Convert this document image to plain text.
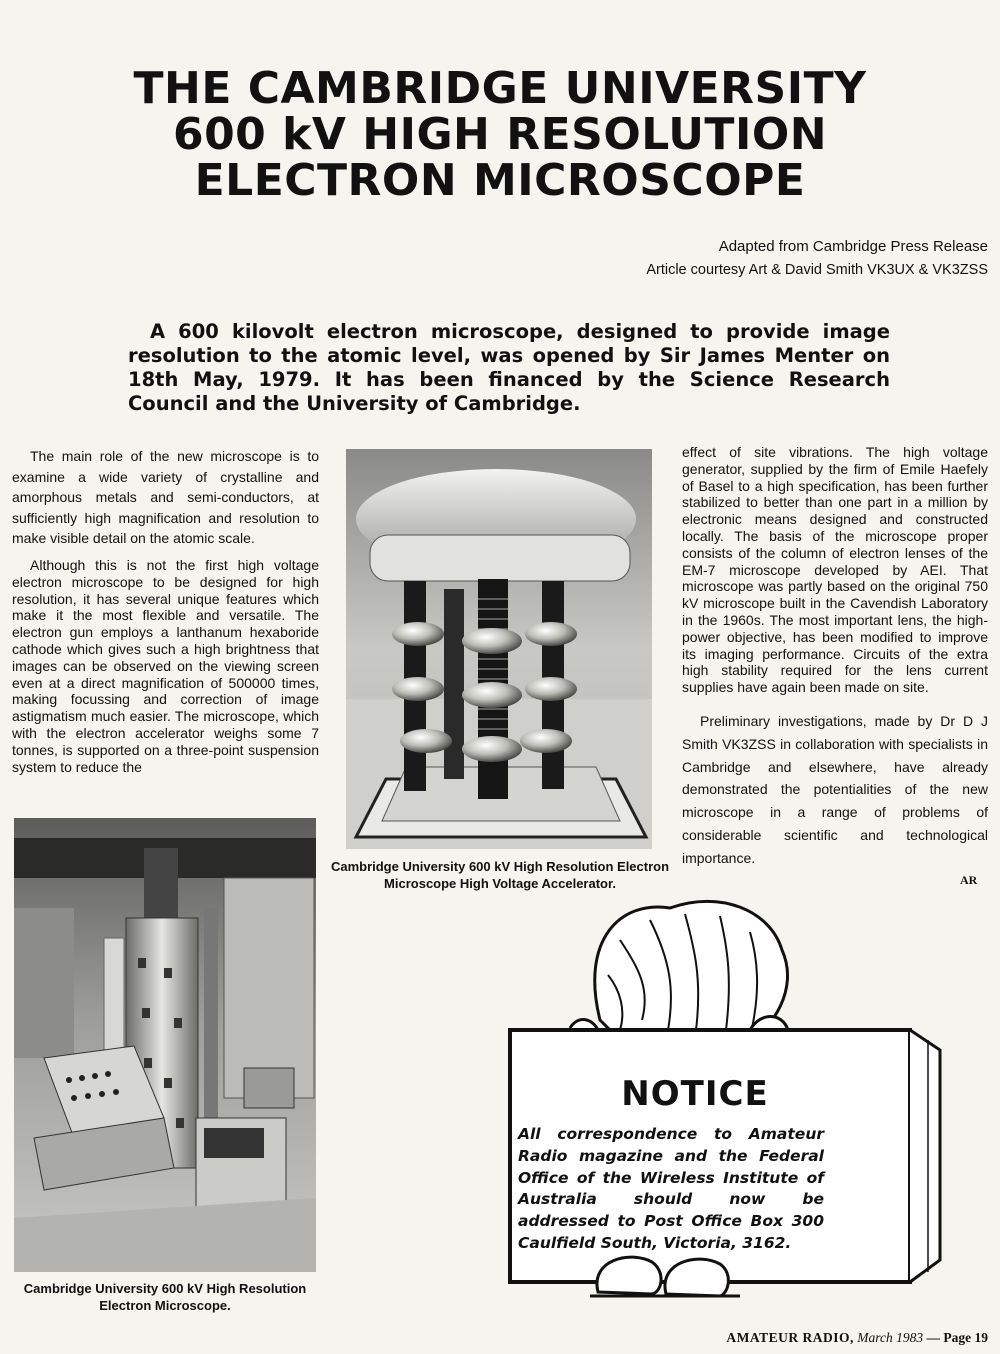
THE CAMBRIDGE UNIVERSITY
600 kV HIGH RESOLUTION
ELECTRON MICROSCOPE
Adapted from Cambridge Press Release
Article courtesy Art & David Smith VK3UX & VK3ZSS
A 600 kilovolt electron microscope, designed to provide image resolution to the atomic level, was opened by Sir James Menter on 18th May, 1979. It has been financed by the Science Research Council and the University of Cambridge.

The main role of the new microscope is to examine a wide variety of crystalline and amorphous metals and semi-conductors, at sufficiently high magnification and resolution to make visible detail on the atomic scale.

Although this is not the first high voltage electron microscope to be designed for high resolution, it has several unique features which make it the most flexible and versatile. The electron gun employs a lanthanum hexaboride cathode which gives such a high brightness that images can be observed on the viewing screen even at a direct magnification of 500000 times, making focussing and correction of image astigmatism much easier. The microscope, which with the electron accelerator weighs some 7 tonnes, is supported on a three-point suspension system to reduce the

Cambridge University 600 kV High Resolution Electron Microscope High Voltage Accelerator.
Cambridge University 600 kV High Resolution Electron Microscope.

effect of site vibrations. The high voltage generator, supplied by the firm of Emile Haefely of Basel to a high specification, has been further stabilized to better than one part in a million by electronic means designed and constructed locally. The basis of the microscope proper consists of the column of electron lenses of the EM-7 microscope developed by AEI. That microscope was partly based on the original 750 kV microscope built in the Cavendish Laboratory in the 1960s. The most important lens, the high-power objective, has been modified to improve its imaging performance. Circuits of the extra high stability required for the lens current supplies have again been made on site.

Preliminary investigations, made by Dr D J Smith VK3ZSS in collaboration with specialists in Cambridge and elsewhere, have already demonstrated the potentialities of the new microscope in a range of problems of considerable scientific and technological importance.

AR
NOTICE
All correspondence to Amateur Radio magazine and the Federal Office of the Wireless Institute of Australia should now be addressed to Post Office Box 300 Caulfield South, Victoria, 3162.
AMATEUR RADIO, March 1983 — Page 19
